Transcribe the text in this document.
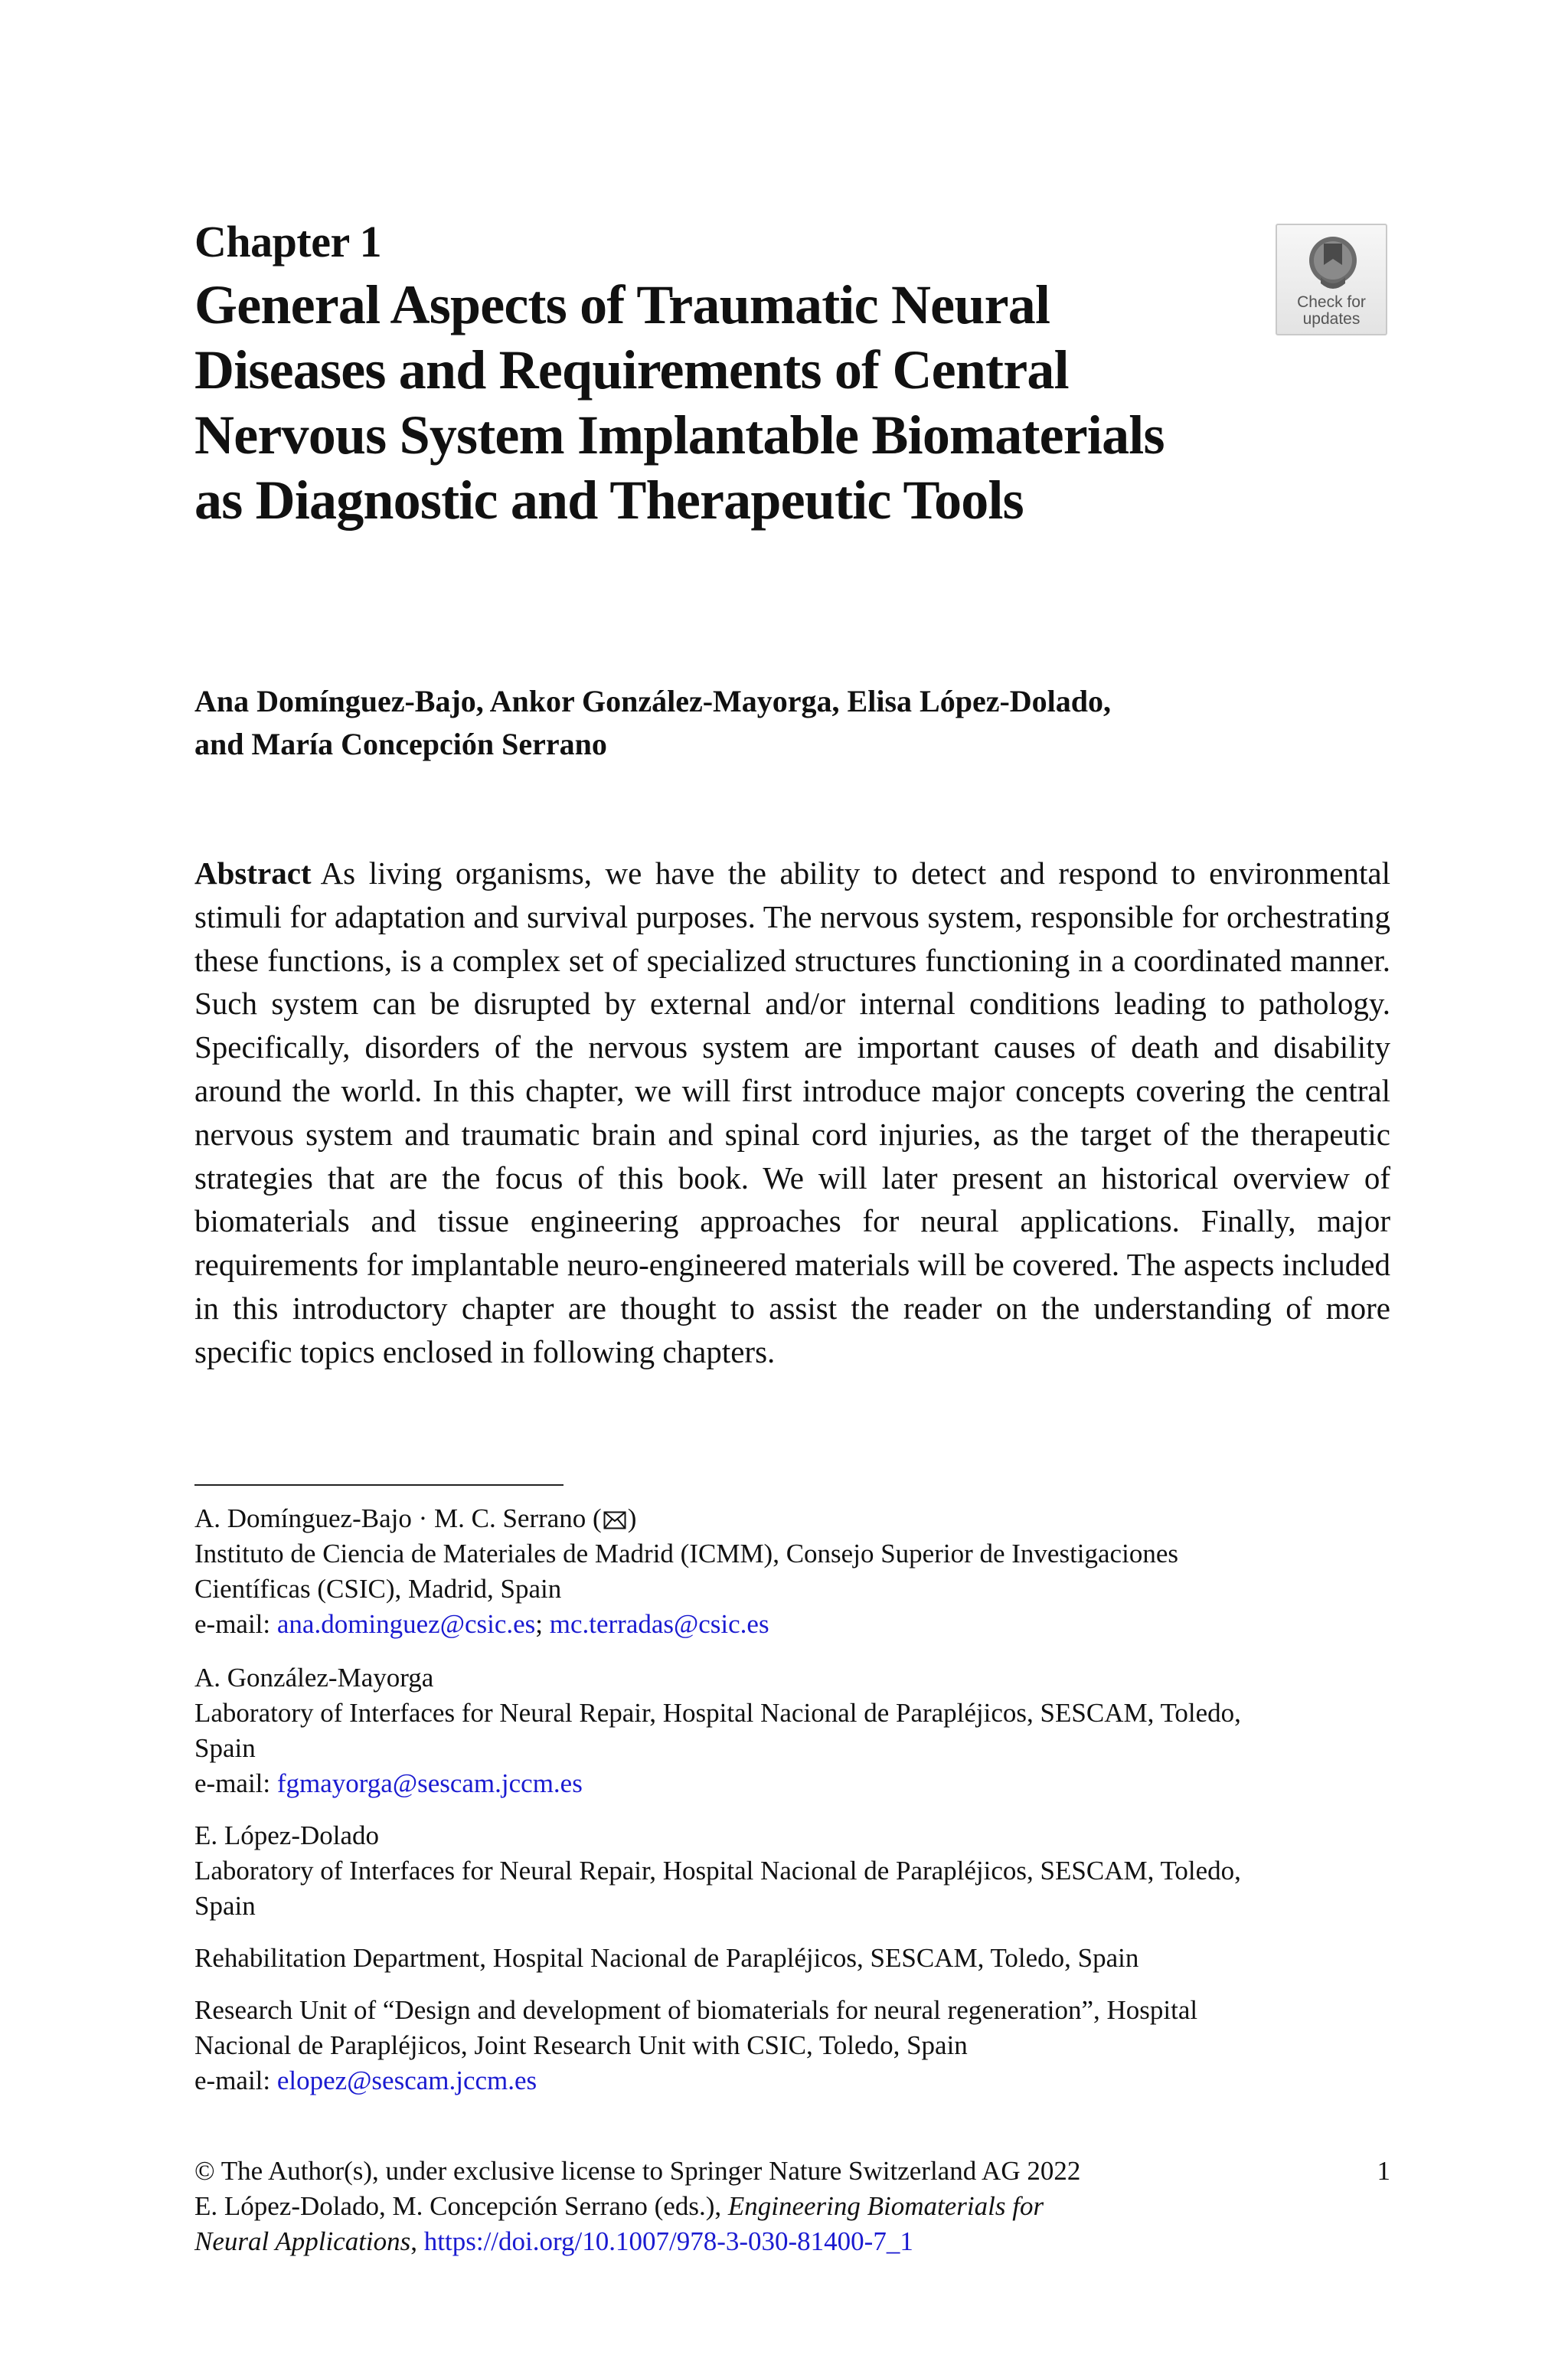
Chapter 1
General Aspects of Traumatic Neural Diseases and Requirements of Central Nervous System Implantable Biomaterials as Diagnostic and Therapeutic Tools
Check for
updates
Ana Domínguez-Bajo, Ankor González-Mayorga, Elisa López-Dolado,
and María Concepción Serrano
Abstract As living organisms, we have the ability to detect and respond to environmental stimuli for adaptation and survival purposes. The nervous system, responsible for orchestrating these functions, is a complex set of specialized structures functioning in a coordinated manner. Such system can be disrupted by external and/or internal conditions leading to pathology. Specifically, disorders of the nervous system are important causes of death and disability around the world. In this chapter, we will first introduce major concepts covering the central nervous system and traumatic brain and spinal cord injuries, as the target of the therapeutic strategies that are the focus of this book. We will later present an historical overview of biomaterials and tissue engineering approaches for neural applications. Finally, major requirements for implantable neuro-engineered materials will be covered. The aspects included in this introductory chapter are thought to assist the reader on the understanding of more specific topics enclosed in following chapters.
A. Domínguez-Bajo · M. C. Serrano ( )
Instituto de Ciencia de Materiales de Madrid (ICMM), Consejo Superior de Investigaciones
Científicas (CSIC), Madrid, Spain
e-mail: ana.dominguez@csic.es; mc.terradas@csic.es
A. González-Mayorga
Laboratory of Interfaces for Neural Repair, Hospital Nacional de Parapléjicos, SESCAM, Toledo,
Spain
e-mail: fgmayorga@sescam.jccm.es
E. López-Dolado
Laboratory of Interfaces for Neural Repair, Hospital Nacional de Parapléjicos, SESCAM, Toledo,
Spain
Rehabilitation Department, Hospital Nacional de Parapléjicos, SESCAM, Toledo, Spain
Research Unit of “Design and development of biomaterials for neural regeneration”, Hospital
Nacional de Parapléjicos, Joint Research Unit with CSIC, Toledo, Spain
e-mail: elopez@sescam.jccm.es
1
© The Author(s), under exclusive license to Springer Nature Switzerland AG 2022
E. López-Dolado, M. Concepción Serrano (eds.), Engineering Biomaterials for
Neural Applications, https://doi.org/10.1007/978-3-030-81400-7_1
